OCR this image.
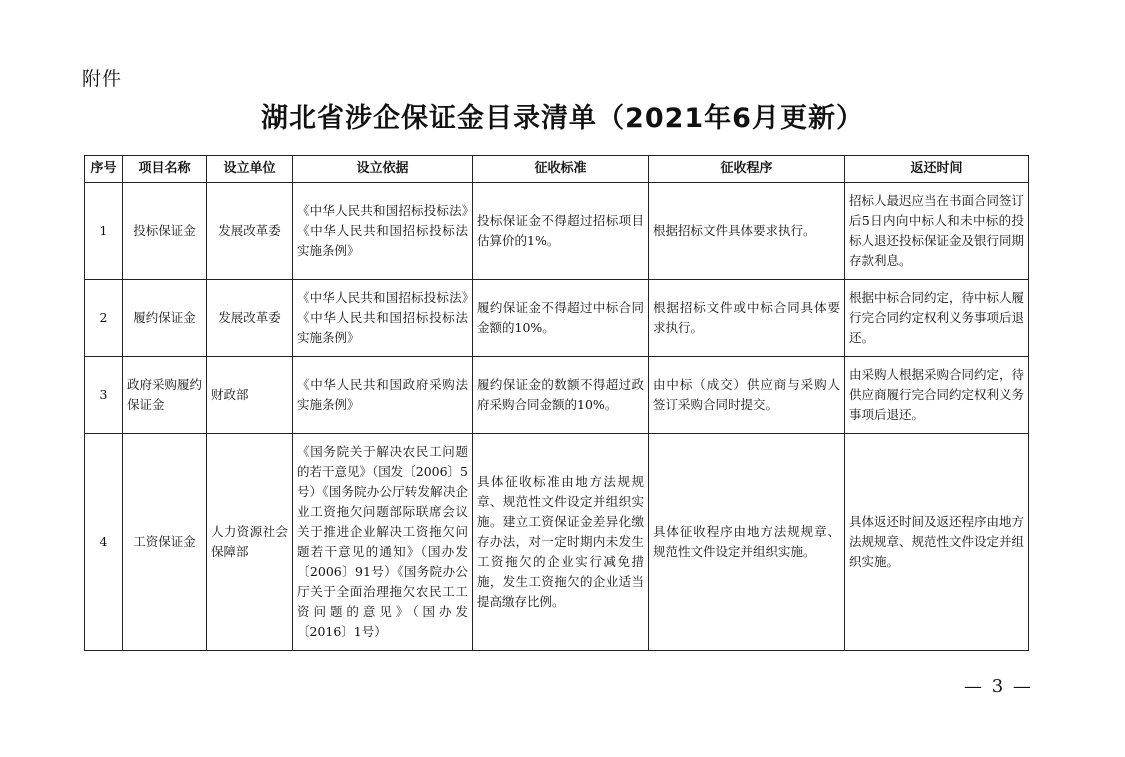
附件
湖北省涉企保证金目录清单（2021年6月更新）
序号	项目名称	设立单位	设立依据	征收标准	征收程序	返还时间
1	投标保证金	发展改革委	《中华人民共和国招标投标法》《中华人民共和国招标投标法实施条例》	投标保证金不得超过招标项目估算价的1%。	根据招标文件具体要求执行。	招标人最迟应当在书面合同签订后5日内向中标人和未中标的投标人退还投标保证金及银行同期存款利息。
2	履约保证金	发展改革委	《中华人民共和国招标投标法》《中华人民共和国招标投标法实施条例》	履约保证金不得超过中标合同金额的10%。	根据招标文件或中标合同具体要求执行。	根据中标合同约定，待中标人履行完合同约定权利义务事项后退还。
3	政府采购履约保证金	财政部	《中华人民共和国政府采购法实施条例》	履约保证金的数额不得超过政府采购合同金额的10%。	由中标（成交）供应商与采购人签订采购合同时提交。	由采购人根据采购合同约定，待供应商履行完合同约定权利义务事项后退还。
4	工资保证金	人力资源社会保障部	《国务院关于解决农民工问题的若干意见》（国发〔2006〕5号）《国务院办公厅转发解决企业工资拖欠问题部际联席会议关于推进企业解决工资拖欠问题若干意见的通知》（国办发〔2006〕91号）《国务院办公厅关于全面治理拖欠农民工工资问题的意见》（国办发〔2016〕1号）	具体征收标准由地方法规规章、规范性文件设定并组织实施。建立工资保证金差异化缴存办法，对一定时期内未发生工资拖欠的企业实行减免措施，发生工资拖欠的企业适当提高缴存比例。	具体征收程序由地方法规规章、规范性文件设定并组织实施。	具体返还时间及返还程序由地方法规规章、规范性文件设定并组织实施。
— 3 —
